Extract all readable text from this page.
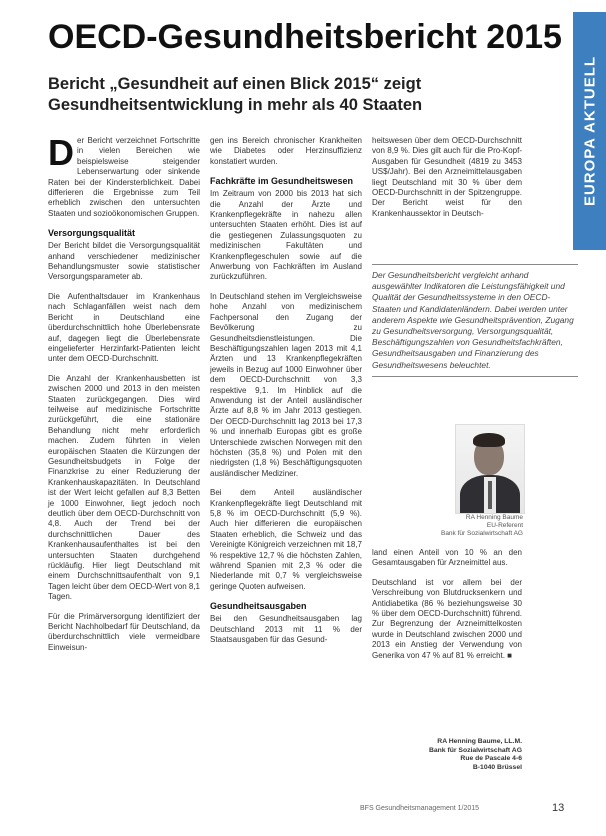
EUROPA AKTUELL
OECD-Gesundheitsbericht 2015
Bericht „Gesundheit auf einen Blick 2015“ zeigt Gesundheitsentwicklung in mehr als 40 Staaten

Der Bericht verzeichnet Fortschritte in vielen Bereichen wie beispielsweise steigender Lebenserwartung oder sinkende Raten bei der Kindersterblichkeit. Dabei differieren die Ergebnisse zum Teil erheblich zwischen den untersuchten Staaten und sozioökonomischen Gruppen.

Versorgungsqualität

Der Bericht bildet die Versorgungsqualität anhand verschiedener medizinischer Behandlungsmuster sowie statistischer Versorgungsparameter ab.

Die Aufenthaltsdauer im Krankenhaus nach Schlaganfällen weist nach dem Bericht in Deutschland eine überdurchschnittlich hohe Überlebensrate auf, dagegen liegt die Überlebensrate eingelieferter Herzinfarkt-Patienten leicht unter dem OECD-Durchschnitt.

Die Anzahl der Krankenhausbetten ist zwischen 2000 und 2013 in den meisten Staaten zurückgegangen. Dies wird teilweise auf medizinische Fortschritte zurückgeführt, die eine stationäre Behandlung nicht mehr erforderlich machen. Zudem führten in vielen europäischen Staaten die Kürzungen der Gesundheitsbudgets in Folge der Finanzkrise zu einer Reduzierung der Krankenhauskapazitäten. In Deutschland ist der Wert leicht gefallen auf 8,3 Betten je 1000 Einwohner, liegt jedoch noch deutlich über dem OECD-Durchschnitt von 4,8. Auch der Trend bei der durchschnittlichen Dauer des Krankenhausaufenthaltes ist bei den untersuchten Staaten durchgehend rückläufig. Hier liegt Deutschland mit einem Durchschnittsaufenthalt von 9,1 Tagen leicht über dem OECD-Wert von 8,1 Tagen.

Für die Primärversorgung identifiziert der Bericht Nachholbedarf für Deutschland, da überdurchschnittlich viele vermeidbare Einweisun-

gen ins Bereich chronischer Krankheiten wie Diabetes oder Herzinsuffizienz konstatiert wurden.

Fachkräfte im Gesundheitswesen

Im Zeitraum von 2000 bis 2013 hat sich die Anzahl der Ärzte und Krankenpflegekräfte in nahezu allen untersuchten Staaten erhöht. Dies ist auf die gestiegenen Zulassungsquoten zu medizinischen Fakultäten und Krankenpflegeschulen sowie auf die Anwerbung von Fachkräften im Ausland zurückzuführen.

In Deutschland stehen im Vergleichsweise hohe Anzahl von medizinischem Fachpersonal den Zugang der Bevölkerung zu Gesundheitsdienstleistungen. Die Beschäftigungszahlen lagen 2013 mit 4,1 Ärzten und 13 Krankenpflegekräften jeweils in Bezug auf 1000 Einwohner über dem OECD-Durchschnitt von 3,3 respektive 9,1. Im Hinblick auf die Anwendung ist der Anteil ausländischer Ärzte auf 8,8 % im Jahr 2013 gestiegen. Der OECD-Durchschnitt lag 2013 bei 17,3 % und innerhalb Europas gibt es große Unterschiede zwischen Norwegen mit den höchsten (35,8 %) und Polen mit den niedrigsten (1,8 %) Beschäftigungsquoten ausländischer Mediziner.

Bei dem Anteil ausländischer Krankenpflegekräfte liegt Deutschland mit 5,8 % im OECD-Durchschnitt (5,9 %). Auch hier differieren die europäischen Staaten erheblich, die Schweiz und das Vereinigte Königreich verzeichnen mit 18,7 % respektive 12,7 % die höchsten Zahlen, während Spanien mit 2,3 % oder die Niederlande mit 0,7 % vergleichsweise geringe Quoten aufweisen.

Gesundheitsausgaben

Bei den Gesundheitsausgaben lag Deutschland 2013 mit 11 % der Staatsausgaben für das Gesund-

heitswesen über dem OECD-Durchschnitt von 8,9 %. Dies gilt auch für die Pro-Kopf-Ausgaben für Gesundheit (4819 zu 3453 US$/Jahr). Bei den Arzneimittelausgaben liegt Deutschland mit 30 % über dem OECD-Durchschnitt in der Spitzengruppe. Der Bericht weist für den Krankenhaussektor in Deutsch-

Der Gesundheitsbericht vergleicht anhand ausgewählter Indikatoren die Leistungsfähigkeit und Qualität der Gesundheitssysteme in den OECD-Staaten und Kandidatenländern. Dabei werden unter anderem Aspekte wie Gesundheitsprävention, Zugang zu Gesundheitsversorgung, Versorgungsqualität, Beschäftigungszahlen von Gesundheitsfachkräften, Gesundheitsausgaben und Finanzierung des Gesundheitswesens beleuchtet.
RA Henning Baume
EU-Referent
Bank für Sozialwirtschaft AG

land einen Anteil von 10 % an den Gesamtausgaben für Arzneimittel aus.

Deutschland ist vor allem bei der Verschreibung von Blutdrucksenkern und Antidiabetika (86 % beziehungsweise 30 % über dem OECD-Durchschnitt) führend. Zur Begrenzung der Arzneimittelkosten wurde in Deutschland zwischen 2000 und 2013 ein Anstieg der Verwendung von Generika von 47 % auf 81 % erreicht. ■

RA Henning Baume, LL.M.
Bank für Sozialwirtschaft AG
Rue de Pascale 4-6
B-1040 Brüssel
BFS Gesundheitsmanagement 1/2015	13
